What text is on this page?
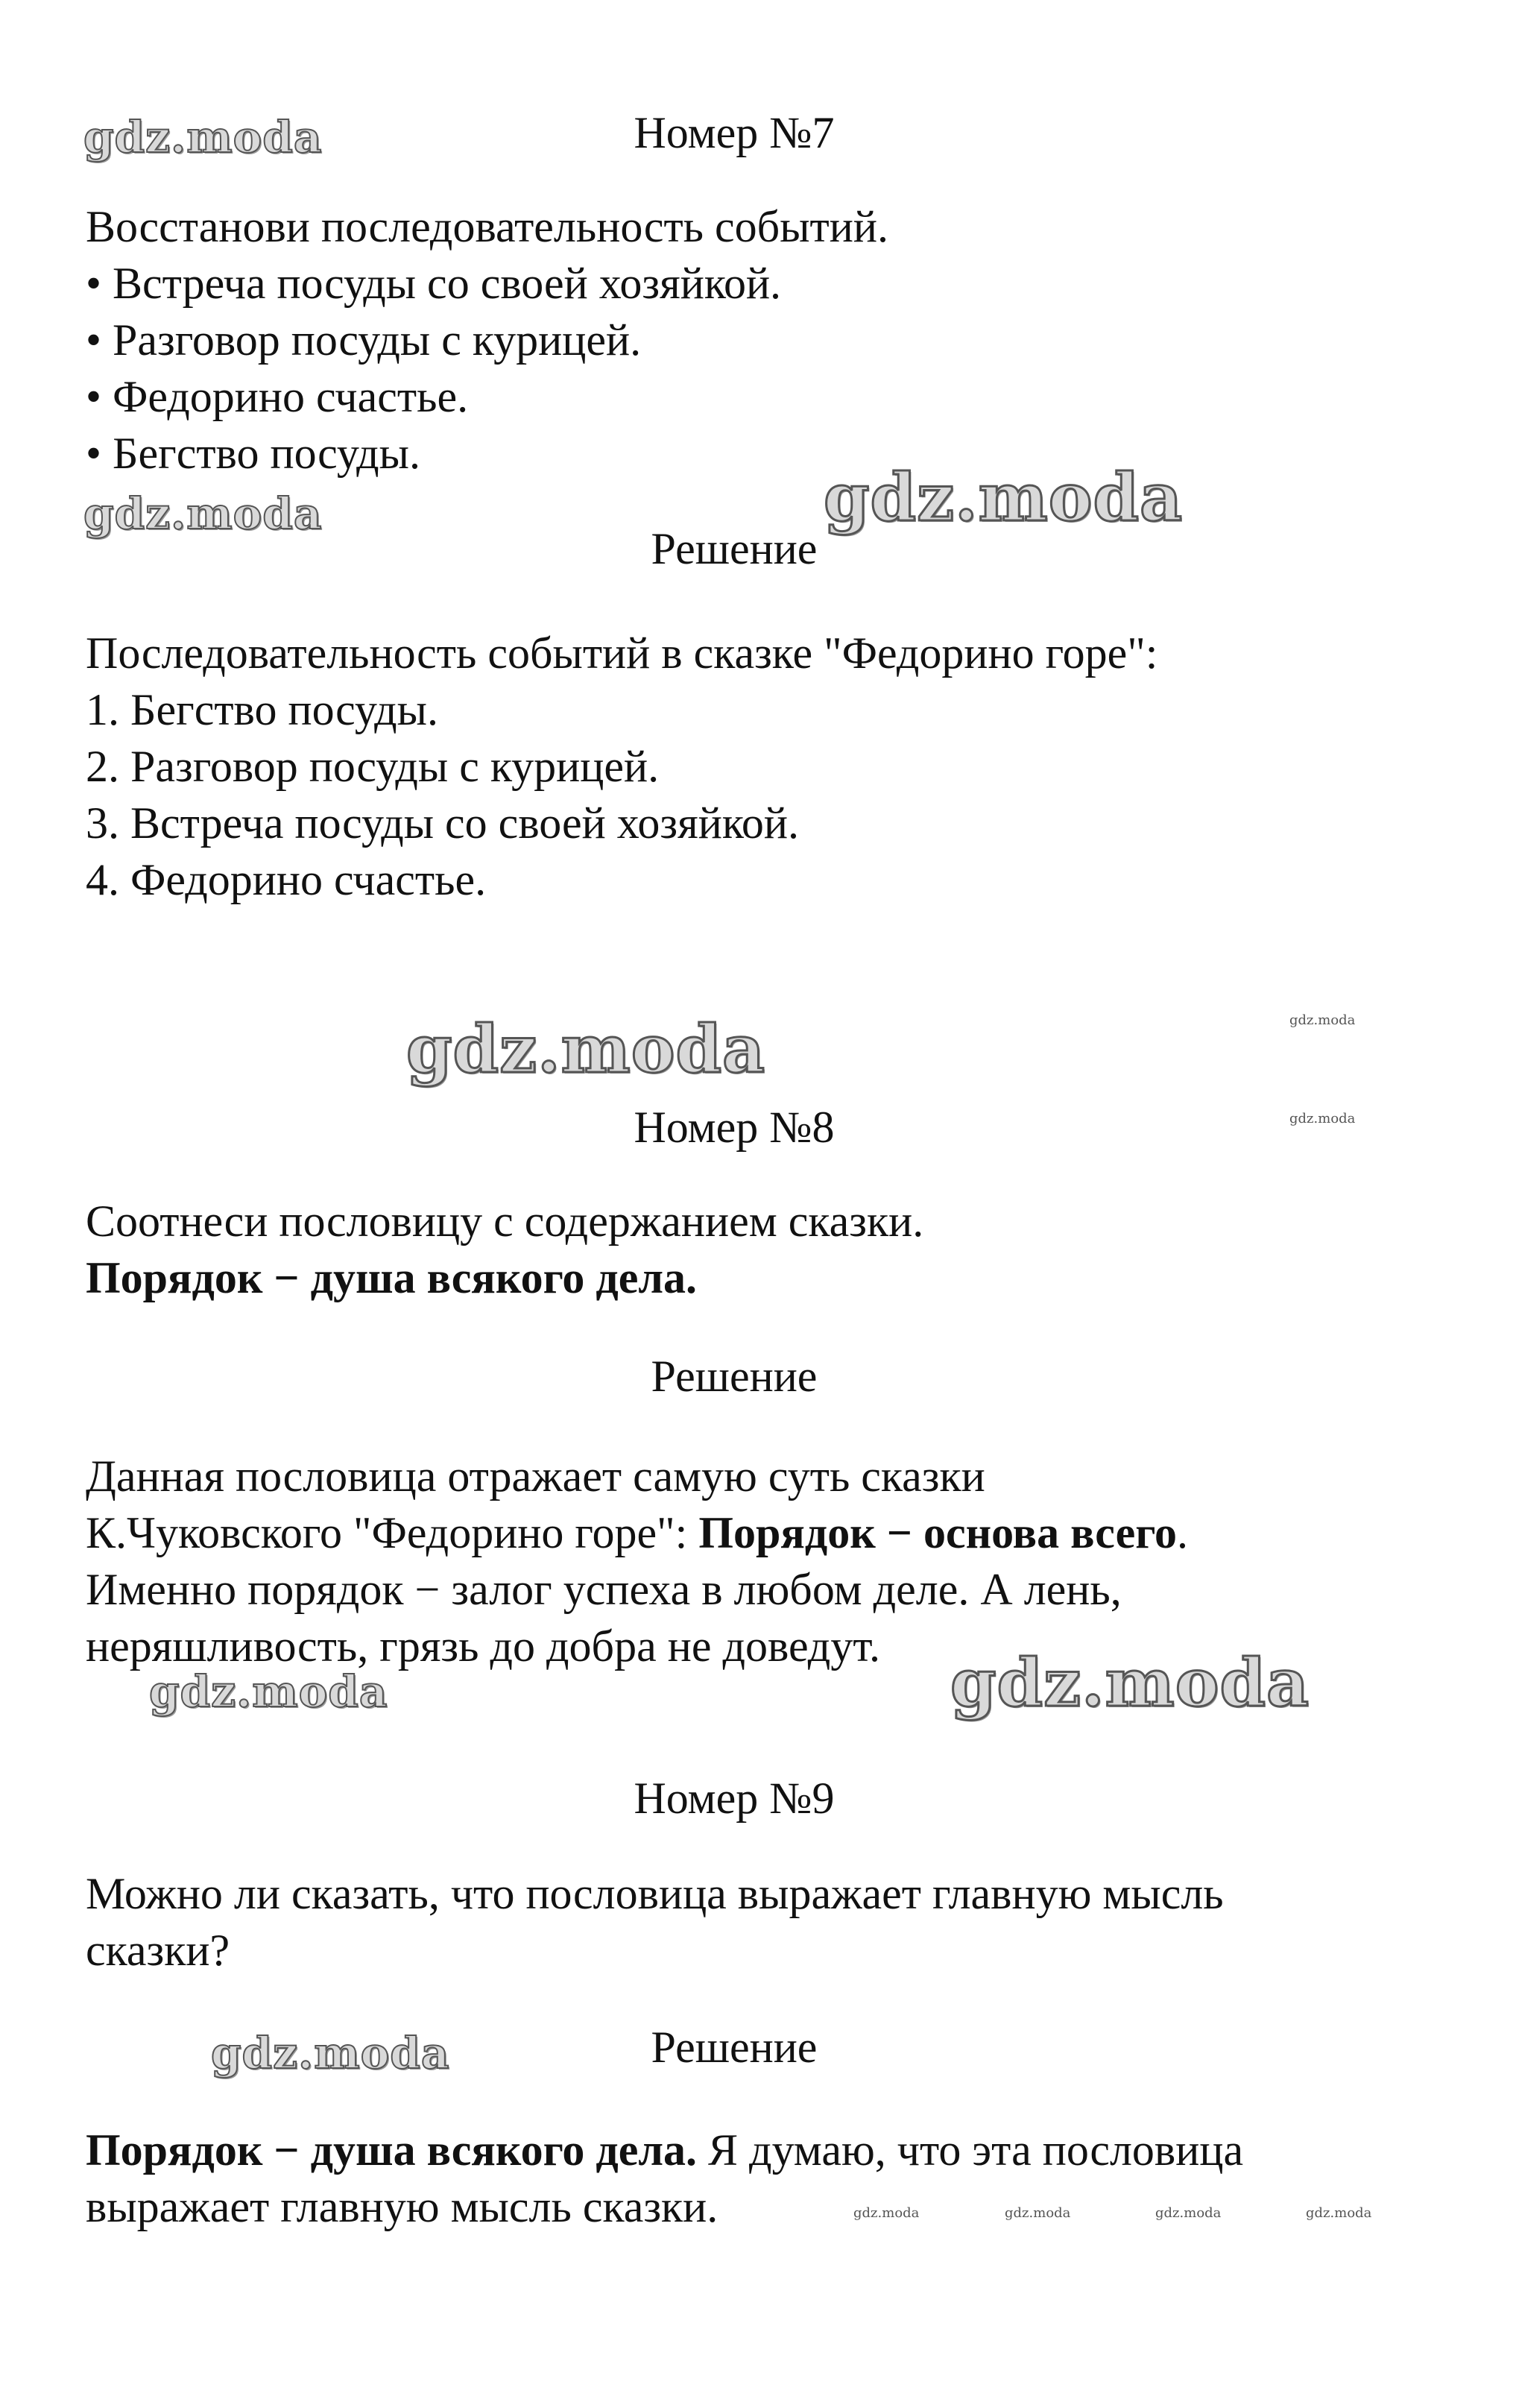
gdz.moda
gdz.moda	gdz.moda
gdz.moda
gdz.moda	gdz.moda
gdz.moda
gdz.moda
gdz.moda
gdz.moda	gdz.moda	gdz.moda	gdz.moda
Номер №7
Восстанови последовательность событий.
• Встреча посуды со своей хозяйкой.
• Разговор посуды с курицей.
• Федорино счастье.
• Бегство посуды.
Решение
Последовательность событий в сказке "Федорино горе":
1. Бегство посуды.
2. Разговор посуды с курицей.
3. Встреча посуды со своей хозяйкой.
4. Федорино счастье.
Номер №8
Соотнеси пословицу с содержанием сказки.
Порядок − душа всякого дела.
Решение
Данная пословица отражает самую суть сказки
К.Чуковского "Федорино горе": Порядок − основа всего.
Именно порядок − залог успеха в любом деле. А лень,
неряшливость, грязь до добра не доведут.
Номер №9
Можно ли сказать, что пословица выражает главную мысль
сказки?
Решение
Порядок − душа всякого дела. Я думаю, что эта пословица
выражает главную мысль сказки.
